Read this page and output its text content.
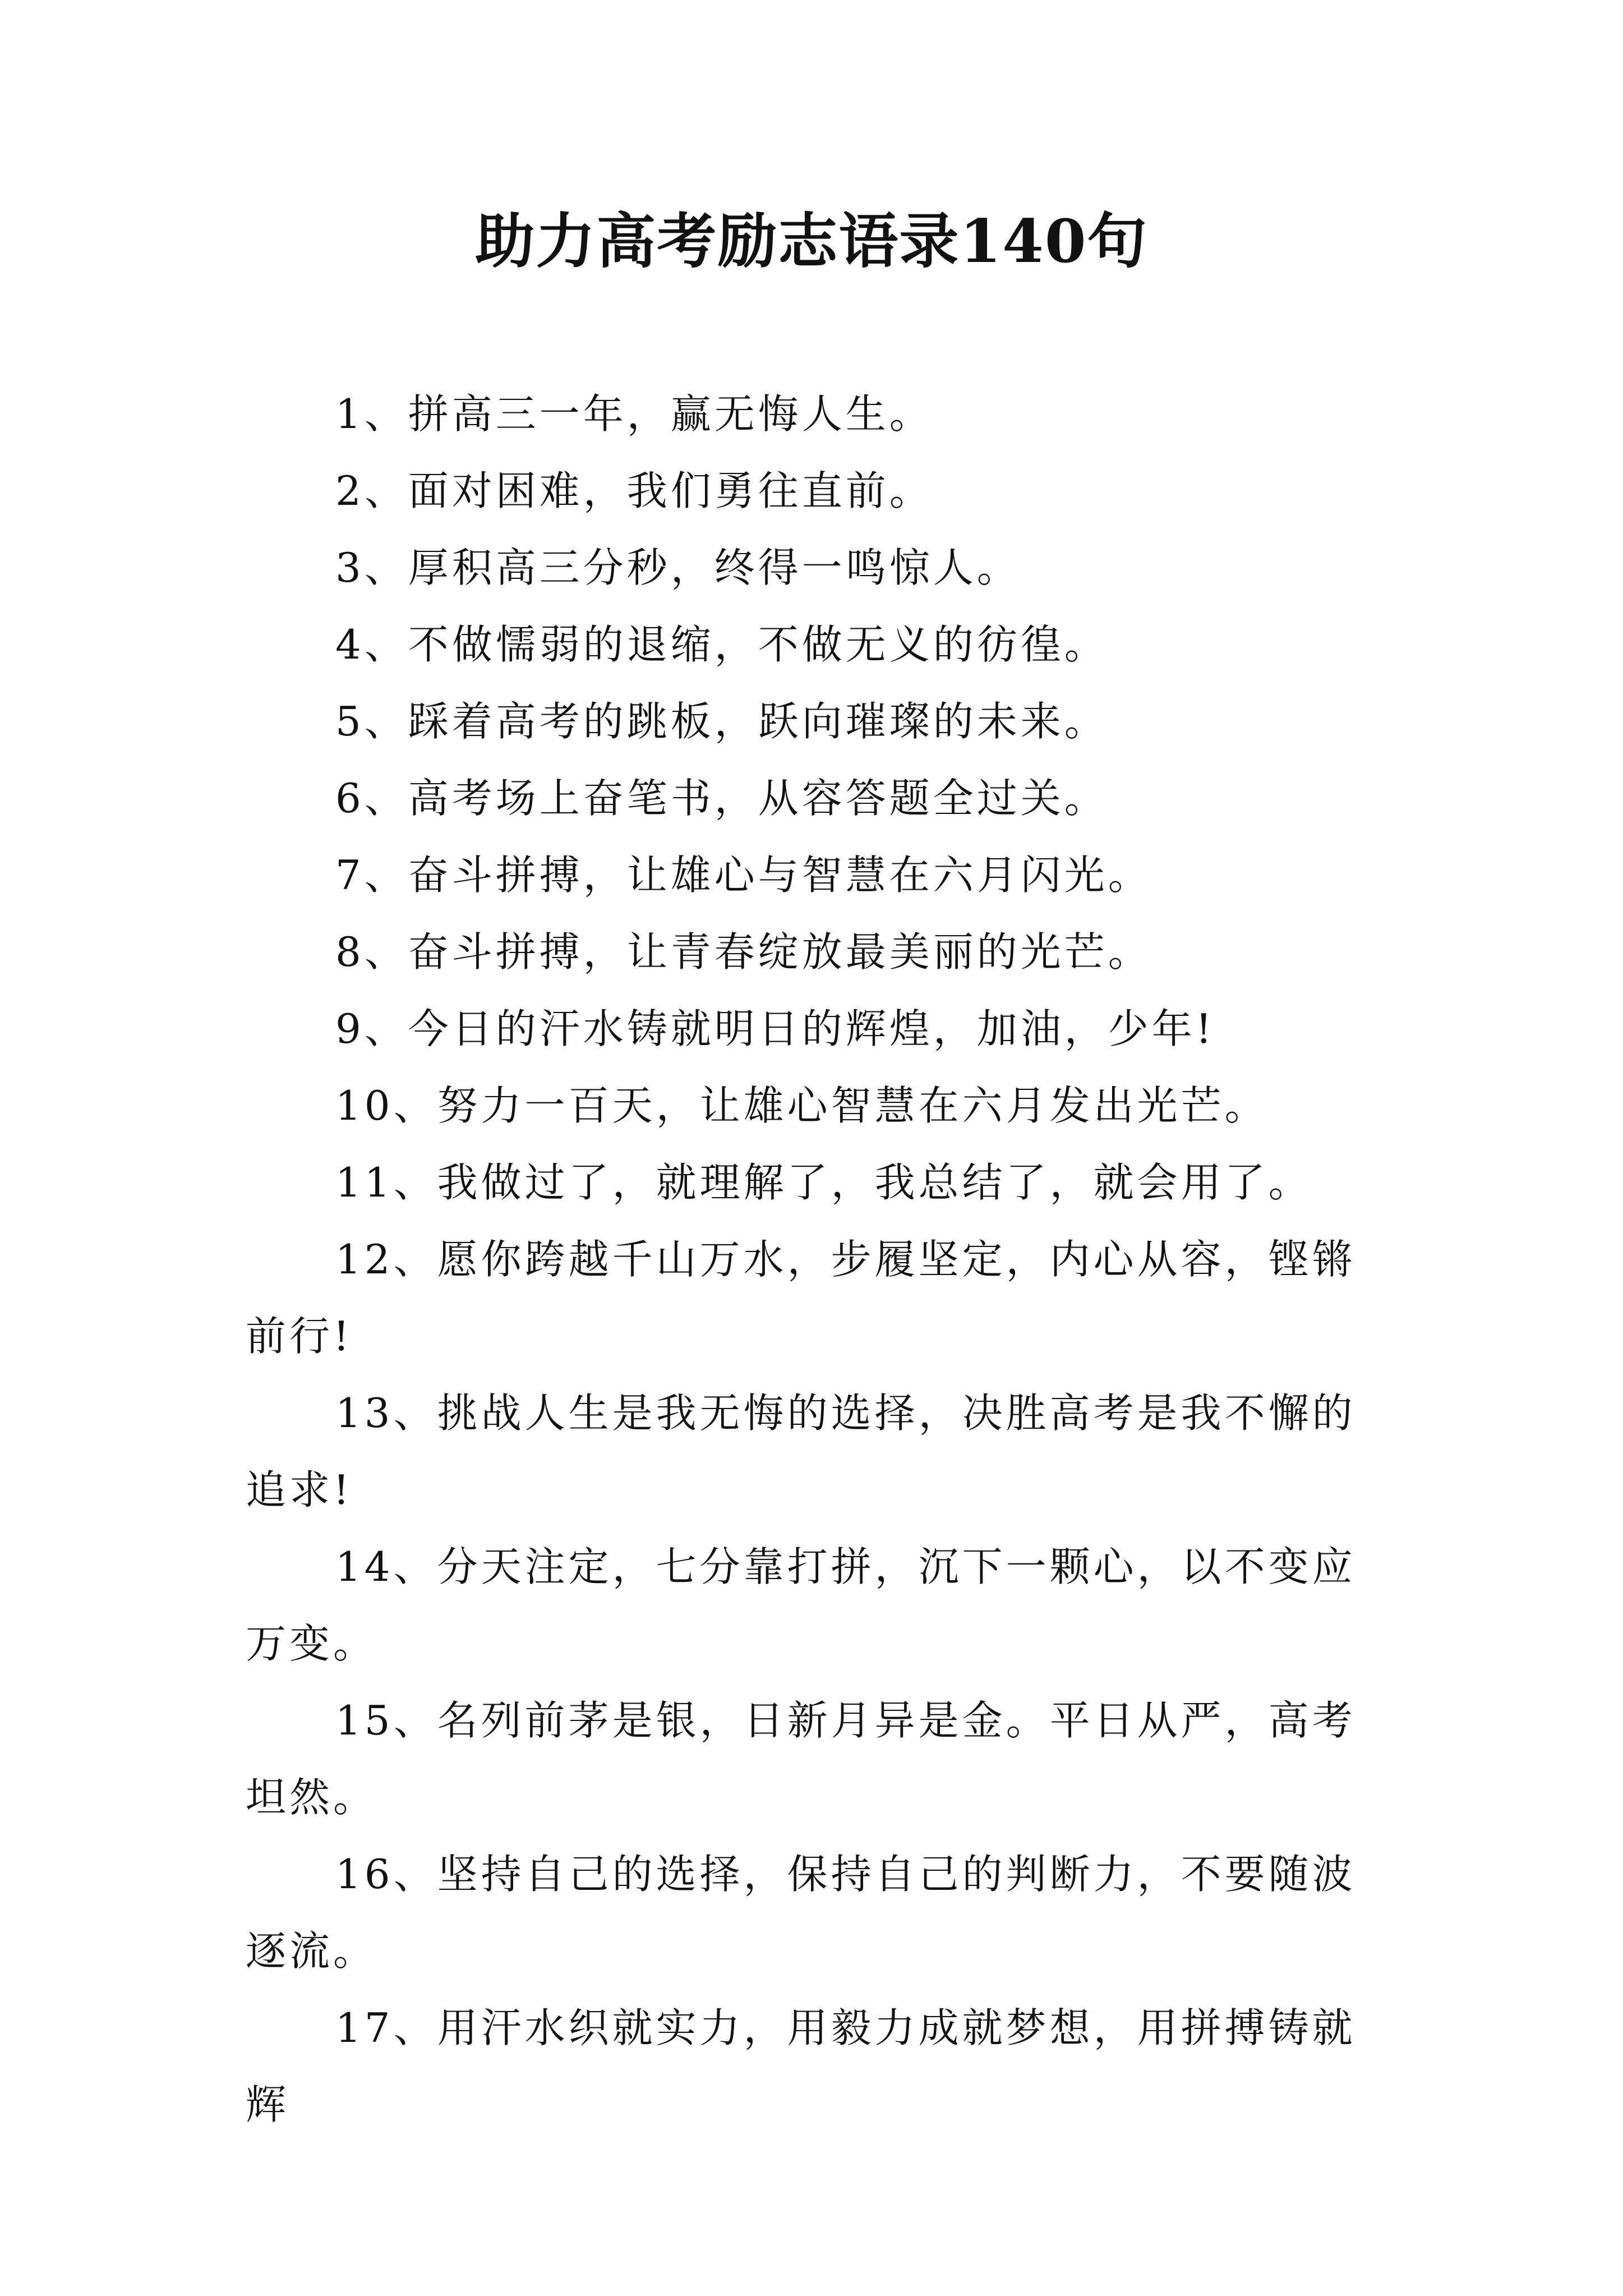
助力高考励志语录140句

1、拼高三一年，赢无悔人生。

2、面对困难，我们勇往直前。

3、厚积高三分秒，终得一鸣惊人。

4、不做懦弱的退缩，不做无义的彷徨。

5、踩着高考的跳板，跃向璀璨的未来。

6、高考场上奋笔书，从容答题全过关。

7、奋斗拼搏，让雄心与智慧在六月闪光。

8、奋斗拼搏，让青春绽放最美丽的光芒。

9、今日的汗水铸就明日的辉煌，加油，少年!

10、努力一百天，让雄心智慧在六月发出光芒。

11、我做过了，就理解了，我总结了，就会用了。

12、愿你跨越千山万水，步履坚定，内心从容，铿锵前行!

13、挑战人生是我无悔的选择，决胜高考是我不懈的追求!

14、分天注定，七分靠打拼，沉下一颗心，以不变应万变。

15、名列前茅是银，日新月异是金。平日从严，高考坦然。

16、坚持自己的选择，保持自己的判断力，不要随波逐流。

17、用汗水织就实力，用毅力成就梦想，用拼搏铸就辉
